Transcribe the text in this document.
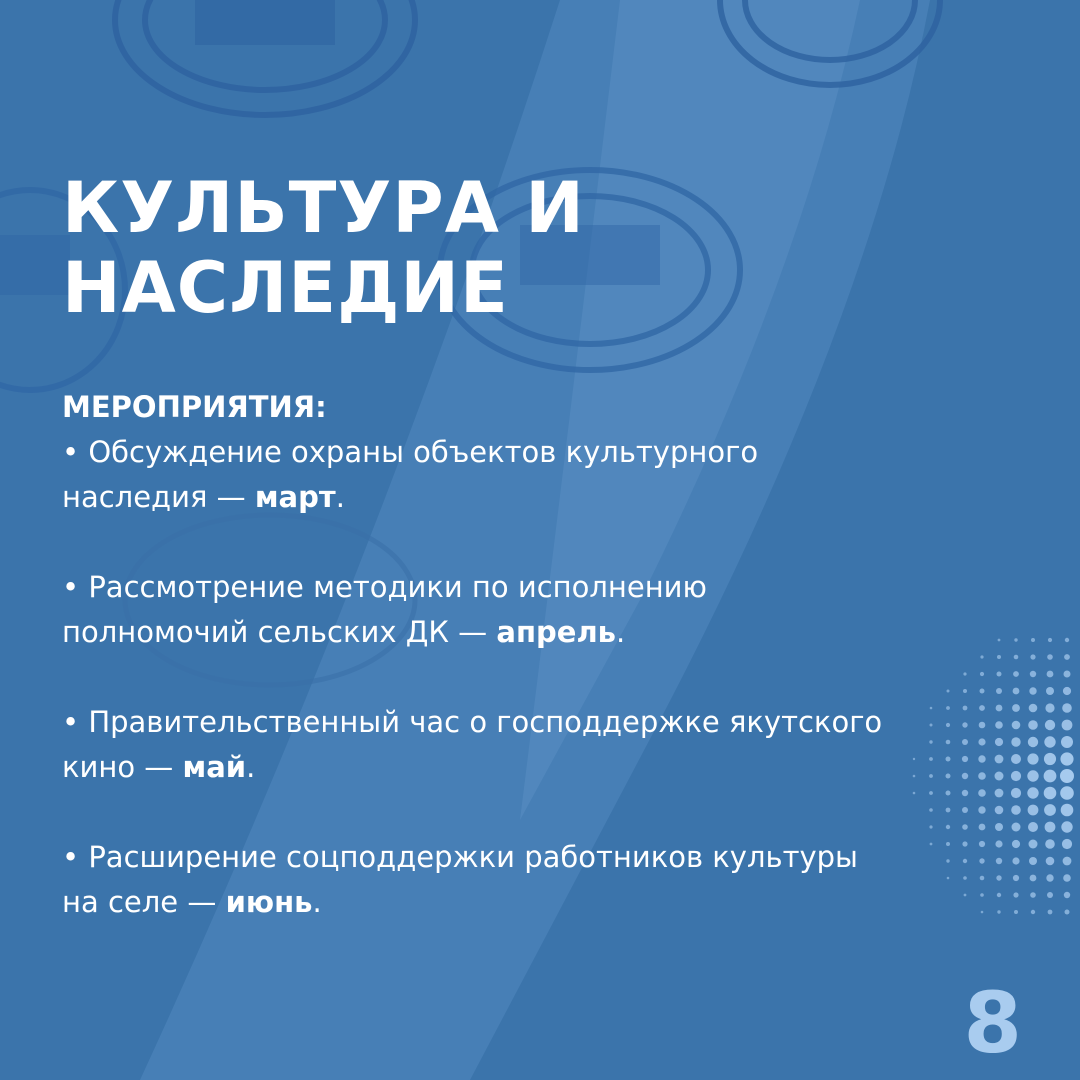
КУЛЬТУРА И
НАСЛЕДИЕ

МЕРОПРИЯТИЯ:

• Обсуждение охраны объектов культурного
наследия — март.

• Рассмотрение методики по исполнению
полномочий сельских ДК — апрель.

• Правительственный час о господдержке якутского
кино — май.

• Расширение соцподдержки работников культуры
на селе — июнь.

8
